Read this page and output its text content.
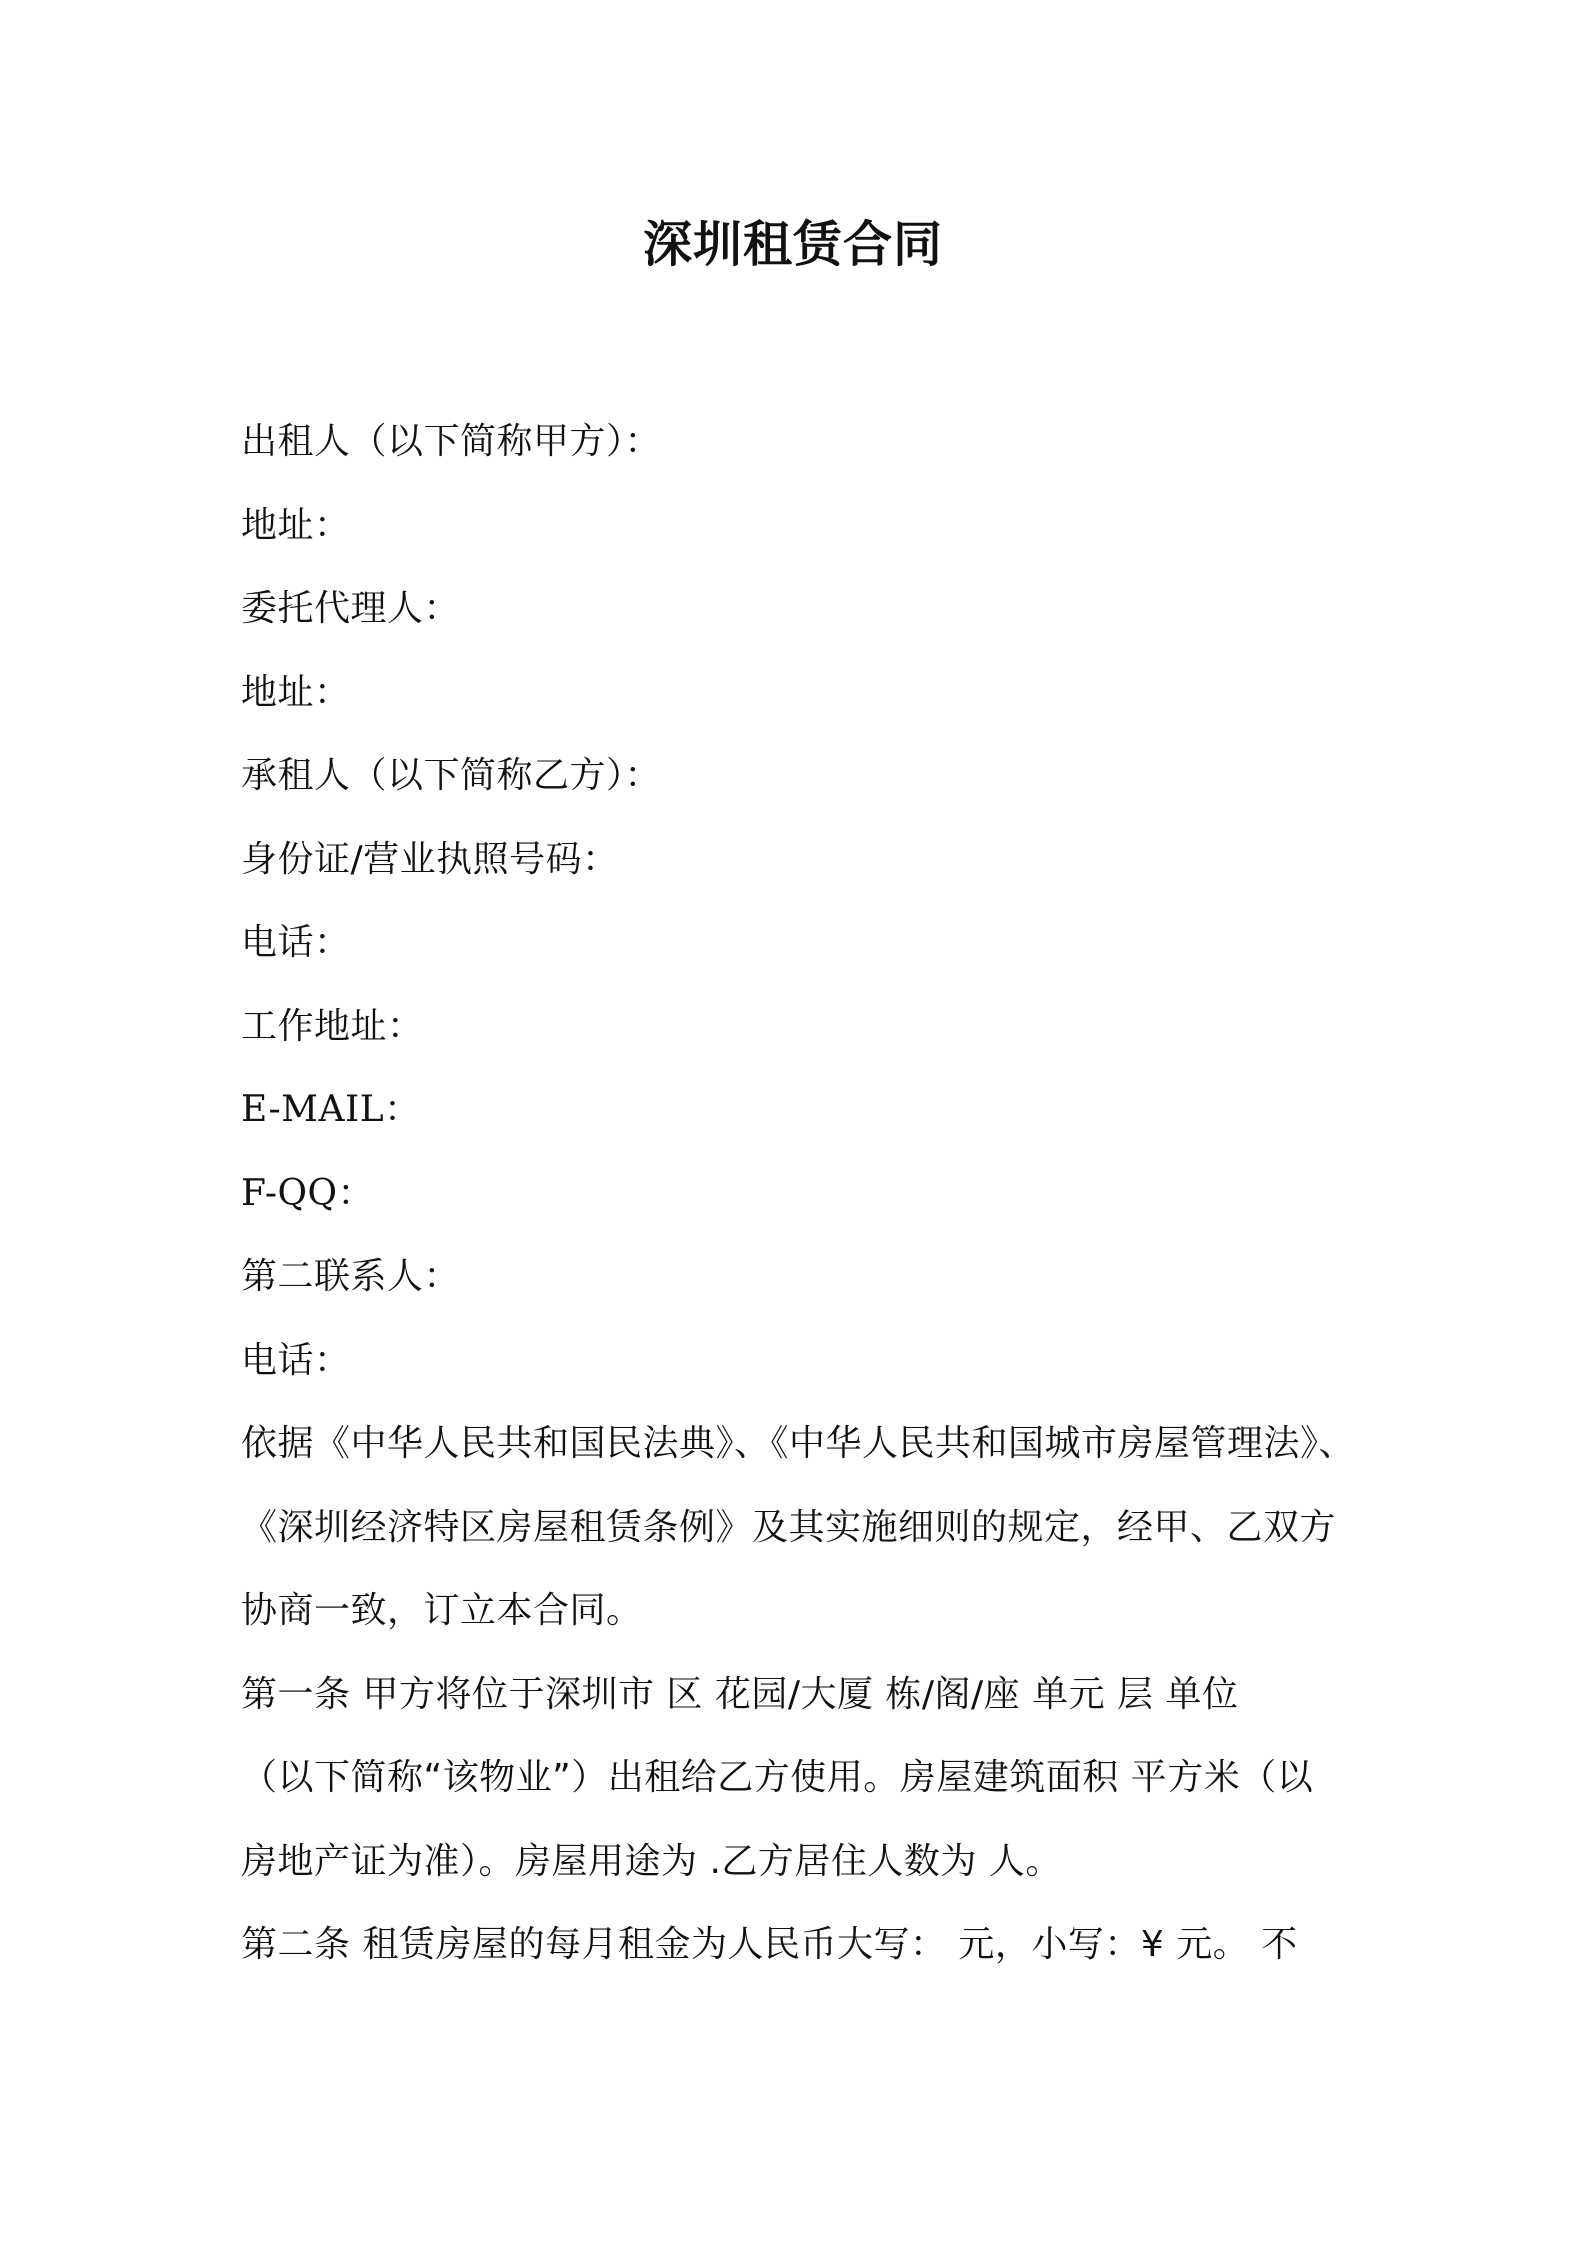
深圳租赁合同
出租人（以下简称甲方）：
地址：
委托代理人：
地址：
承租人（以下简称乙方）：
身份证/营业执照号码：
电话：
工作地址：
E-MAIL：
F-QQ：
第二联系人：
电话：
依据《中华人民共和国民法典》、《中华人民共和国城市房屋管理法》、
《深圳经济特区房屋租赁条例》及其实施细则的规定，经甲、乙双方
协商一致，订立本合同。
第一条 甲方将位于深圳市 区 花园/大厦 栋/阁/座 单元 层 单位
（以下简称“该物业”）出租给乙方使用。房屋建筑面积 平方米（以
房地产证为准）。房屋用途为 .乙方居住人数为 人。
第二条 租赁房屋的每月租金为人民币大写： 元，小写：¥ 元。 不
